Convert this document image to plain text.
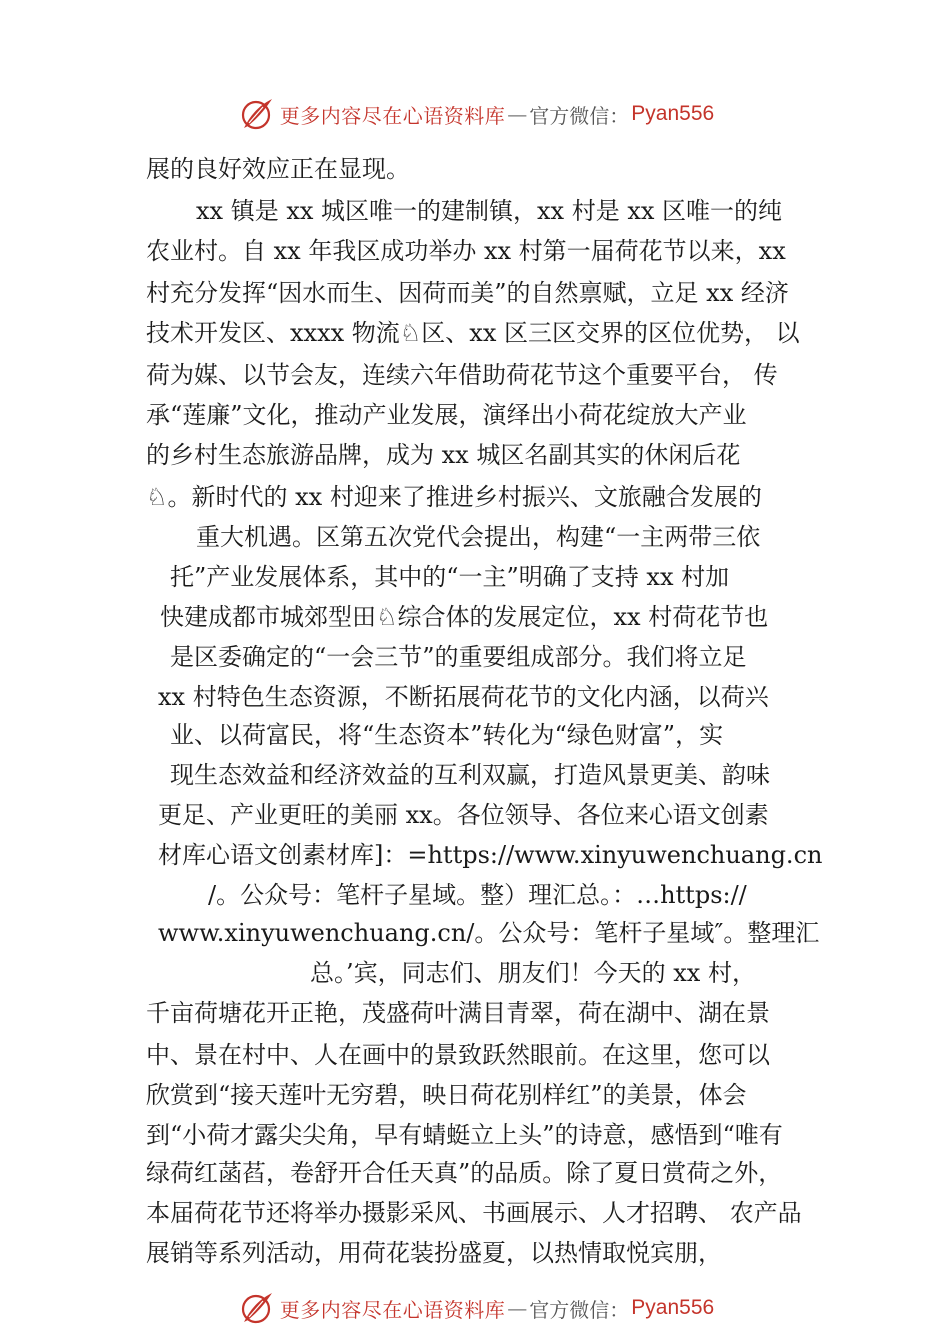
更多内容尽在心语资料库 — 官方微信： Pyan556
展的良好效应正在显现。
xx 镇是 xx 城区唯一的建制镇，xx 村是 xx 区唯一的纯
农业村。自 xx 年我区成功举办 xx 村第一届荷花节以来，xx
村充分发挥“因水而生、因荷而美”的自然禀赋，立足 xx 经济
技术开发区、xxxx 物流♘区、xx 区三区交界的区位优势， 以
荷为媒、以节会友，连续六年借助荷花节这个重要平台， 传
承“莲廉”文化，推动产业发展，演绎出小荷花绽放大产业
的乡村生态旅游品牌，成为 xx 城区名副其实的休闲后花
♘。新时代的 xx 村迎来了推进乡村振兴、文旅融合发展的
重大机遇。区第五次党代会提出，构建“一主两带三依
托”产业发展体系，其中的“一主”明确了支持 xx 村加
快建成都市城郊型田♘综合体的发展定位，xx 村荷花节也
是区委确定的“一会三节”的重要组成部分。我们将立足
xx 村特色生态资源，不断拓展荷花节的文化内涵，以荷兴
业、以荷富民，将“生态资本”转化为“绿色财富”，实
现生态效益和经济效益的互利双赢，打造风景更美、韵味
更足、产业更旺的美丽 xx。各位领导、各位来心语文创素
材库心语文创素材库]：=https://www.xinyuwenchuang.cn
/。公众号：笔杆子星域。整）理汇总。：…https://
www.xinyuwenchuang.cn/。公众号：笔杆子星域″。整理汇
总。’宾，同志们、朋友们！今天的 xx 村，
千亩荷塘花开正艳，茂盛荷叶满目青翠，荷在湖中、湖在景
中、景在村中、人在画中的景致跃然眼前。在这里，您可以
欣赏到“接天莲叶无穷碧，映日荷花别样红”的美景，体会
到“小荷才露尖尖角，早有蜻蜓立上头”的诗意，感悟到“唯有
绿荷红菡萏，卷舒开合任天真”的品质。除了夏日赏荷之外，
本届荷花节还将举办摄影采风、书画展示、人才招聘、 农产品
展销等系列活动，用荷花装扮盛夏，以热情取悦宾朋，
更多内容尽在心语资料库 — 官方微信： Pyan556
